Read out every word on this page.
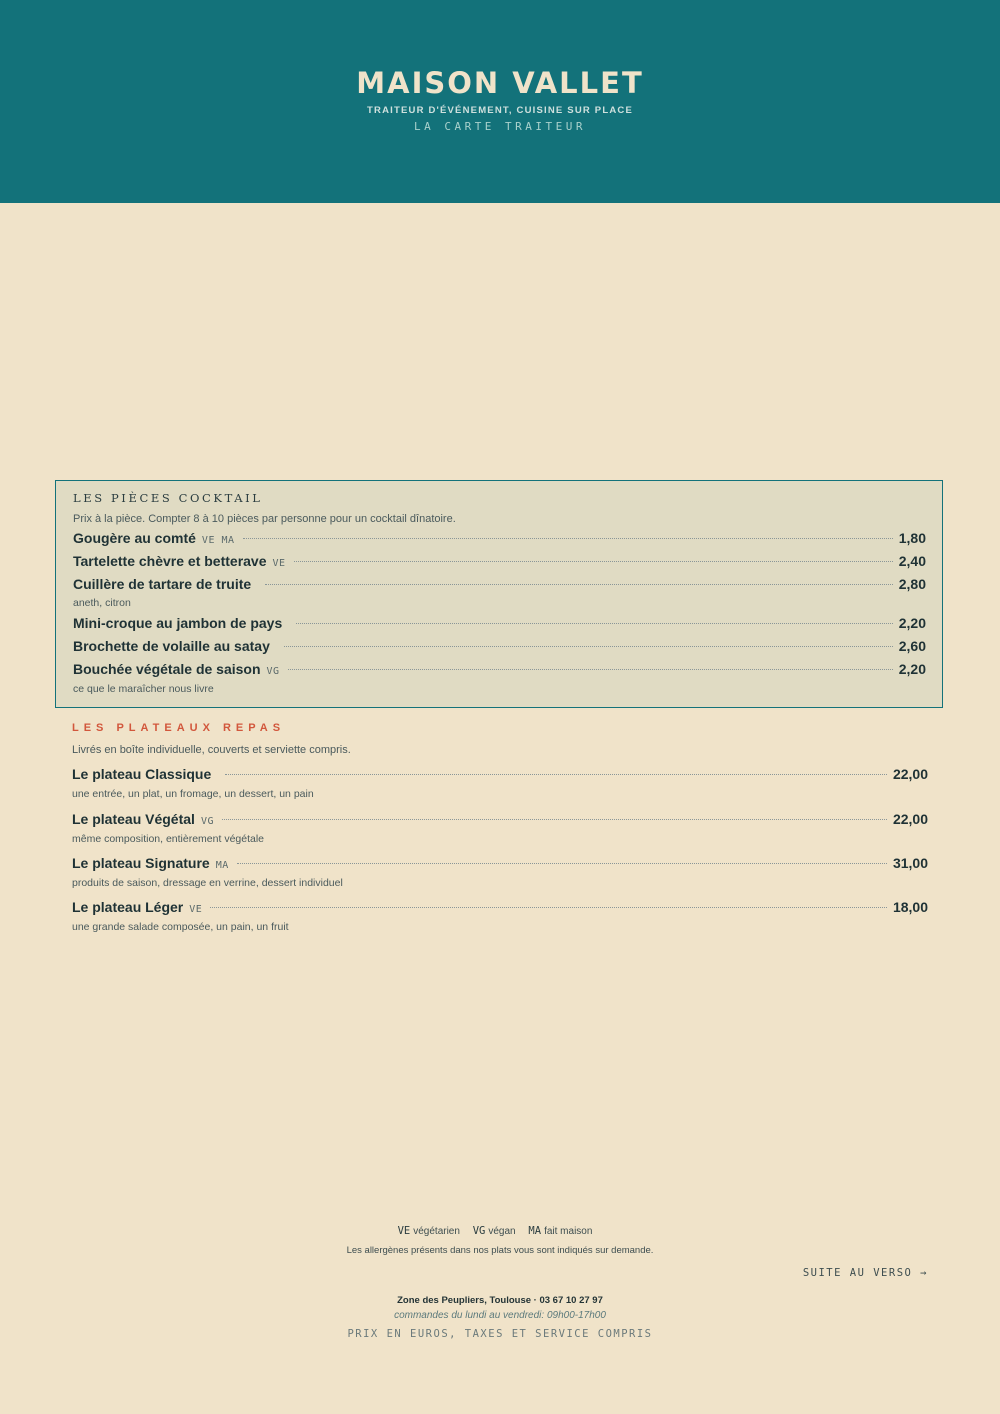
MAISON VALLET
TRAITEUR D'ÉVÉNEMENT, CUISINE SUR PLACE
LA CARTE TRAITEUR
LES PIÈCES COCKTAIL
Prix à la pièce. Compter 8 à 10 pièces par personne pour un cocktail dînatoire.
Gougère au comté VE MA	1,80
Tartelette chèvre et betterave VE	2,40
Cuillère de tartare de truite	2,80
aneth, citron
Mini-croque au jambon de pays	2,20
Brochette de volaille au satay	2,60
Bouchée végétale de saison VG	2,20
ce que le maraîcher nous livre
LES PLATEAUX REPAS
Livrés en boîte individuelle, couverts et serviette compris.
Le plateau Classique	22,00
une entrée, un plat, un fromage, un dessert, un pain
Le plateau Végétal VG	22,00
même composition, entièrement végétale
Le plateau Signature MA	31,00
produits de saison, dressage en verrine, dessert individuel
Le plateau Léger VE	18,00
une grande salade composée, un pain, un fruit
VE végétarien VG végan MA fait maison
Les allergènes présents dans nos plats vous sont indiqués sur demande.
SUITE AU VERSO →
Zone des Peupliers, Toulouse · 03 67 10 27 97
commandes du lundi au vendredi: 09h00-17h00
PRIX EN EUROS, TAXES ET SERVICE COMPRIS
